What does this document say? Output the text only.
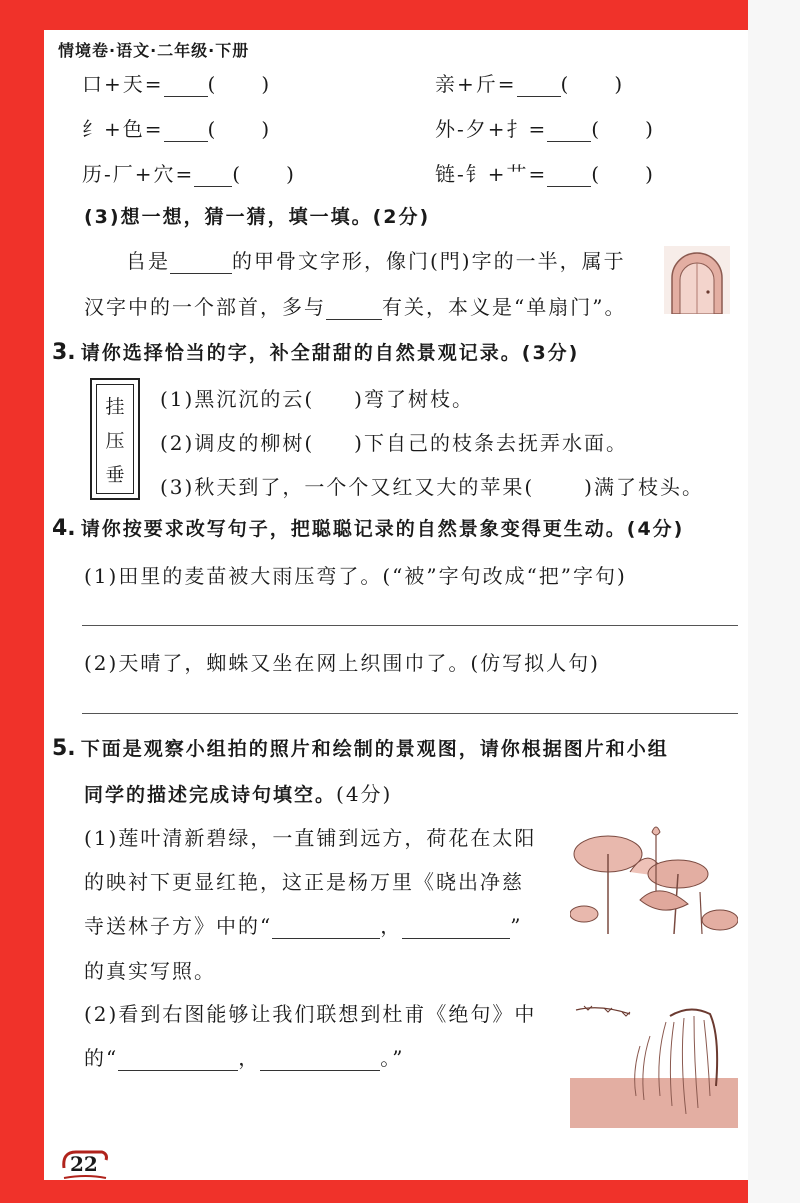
情境卷·语文·二年级·下册
口+天= (　　)	亲+斤= (　　)
纟+色= (　　)	外-夕+扌= (　　)
历-厂+穴= (　　)	链-钅+艹= (　　)
(3)想一想，猜一猜，填一填。(2分)
𠂤是	的甲骨文字形，像门(門)字的一半，属于
汉字中的一个部首，多与	有关，本义是“单扇门”。
3. 请你选择恰当的字，补全甜甜的自然景观记录。(3分)
挂
压
垂
(1)黑沉沉的云( )弯了树枝。
(2)调皮的柳树( )下自己的枝条去抚弄水面。
(3)秋天到了，一个个又红又大的苹果(	)满了枝头。
4. 请你按要求改写句子，把聪聪记录的自然景象变得更生动。(4分)
(1)田里的麦苗被大雨压弯了。(“被”字句改成“把”字句)
(2)天晴了，蜘蛛又坐在网上织围巾了。(仿写拟人句)
5. 下面是观察小组拍的照片和绘制的景观图，请你根据图片和小组
同学的描述完成诗句填空。(4分)
(1)莲叶清新碧绿，一直铺到远方，荷花在太阳
的映衬下更显红艳，这正是杨万里《晓出净慈
寺送林子方》中的“	，	”
的真实写照。
(2)看到右图能够让我们联想到杜甫《绝句》中
的“	，	。”
22
